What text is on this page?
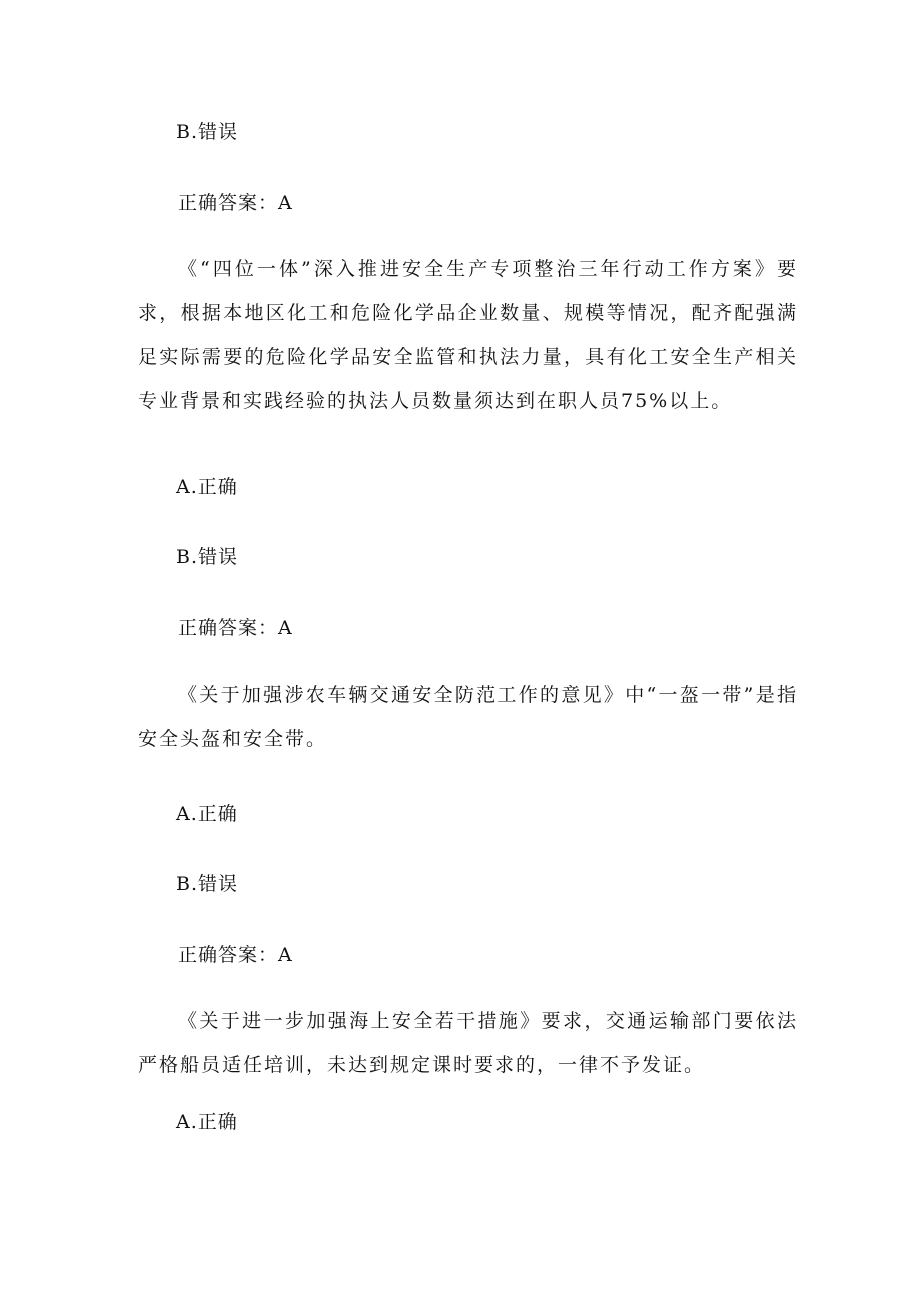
B.错误
正确答案：A

《“四位一体”深入推进安全生产专项整治三年行动工作方案》要求，根据本地区化工和危险化学品企业数量、规模等情况，配齐配强满足实际需要的危险化学品安全监管和执法力量，具有化工安全生产相关专业背景和实践经验的执法人员数量须达到在职人员75%以上。

A.正确
B.错误
正确答案：A

《关于加强涉农车辆交通安全防范工作的意见》中“一盔一带”是指安全头盔和安全带。

A.正确
B.错误
正确答案：A

《关于进一步加强海上安全若干措施》要求，交通运输部门要依法严格船员适任培训，未达到规定课时要求的，一律不予发证。

A.正确
